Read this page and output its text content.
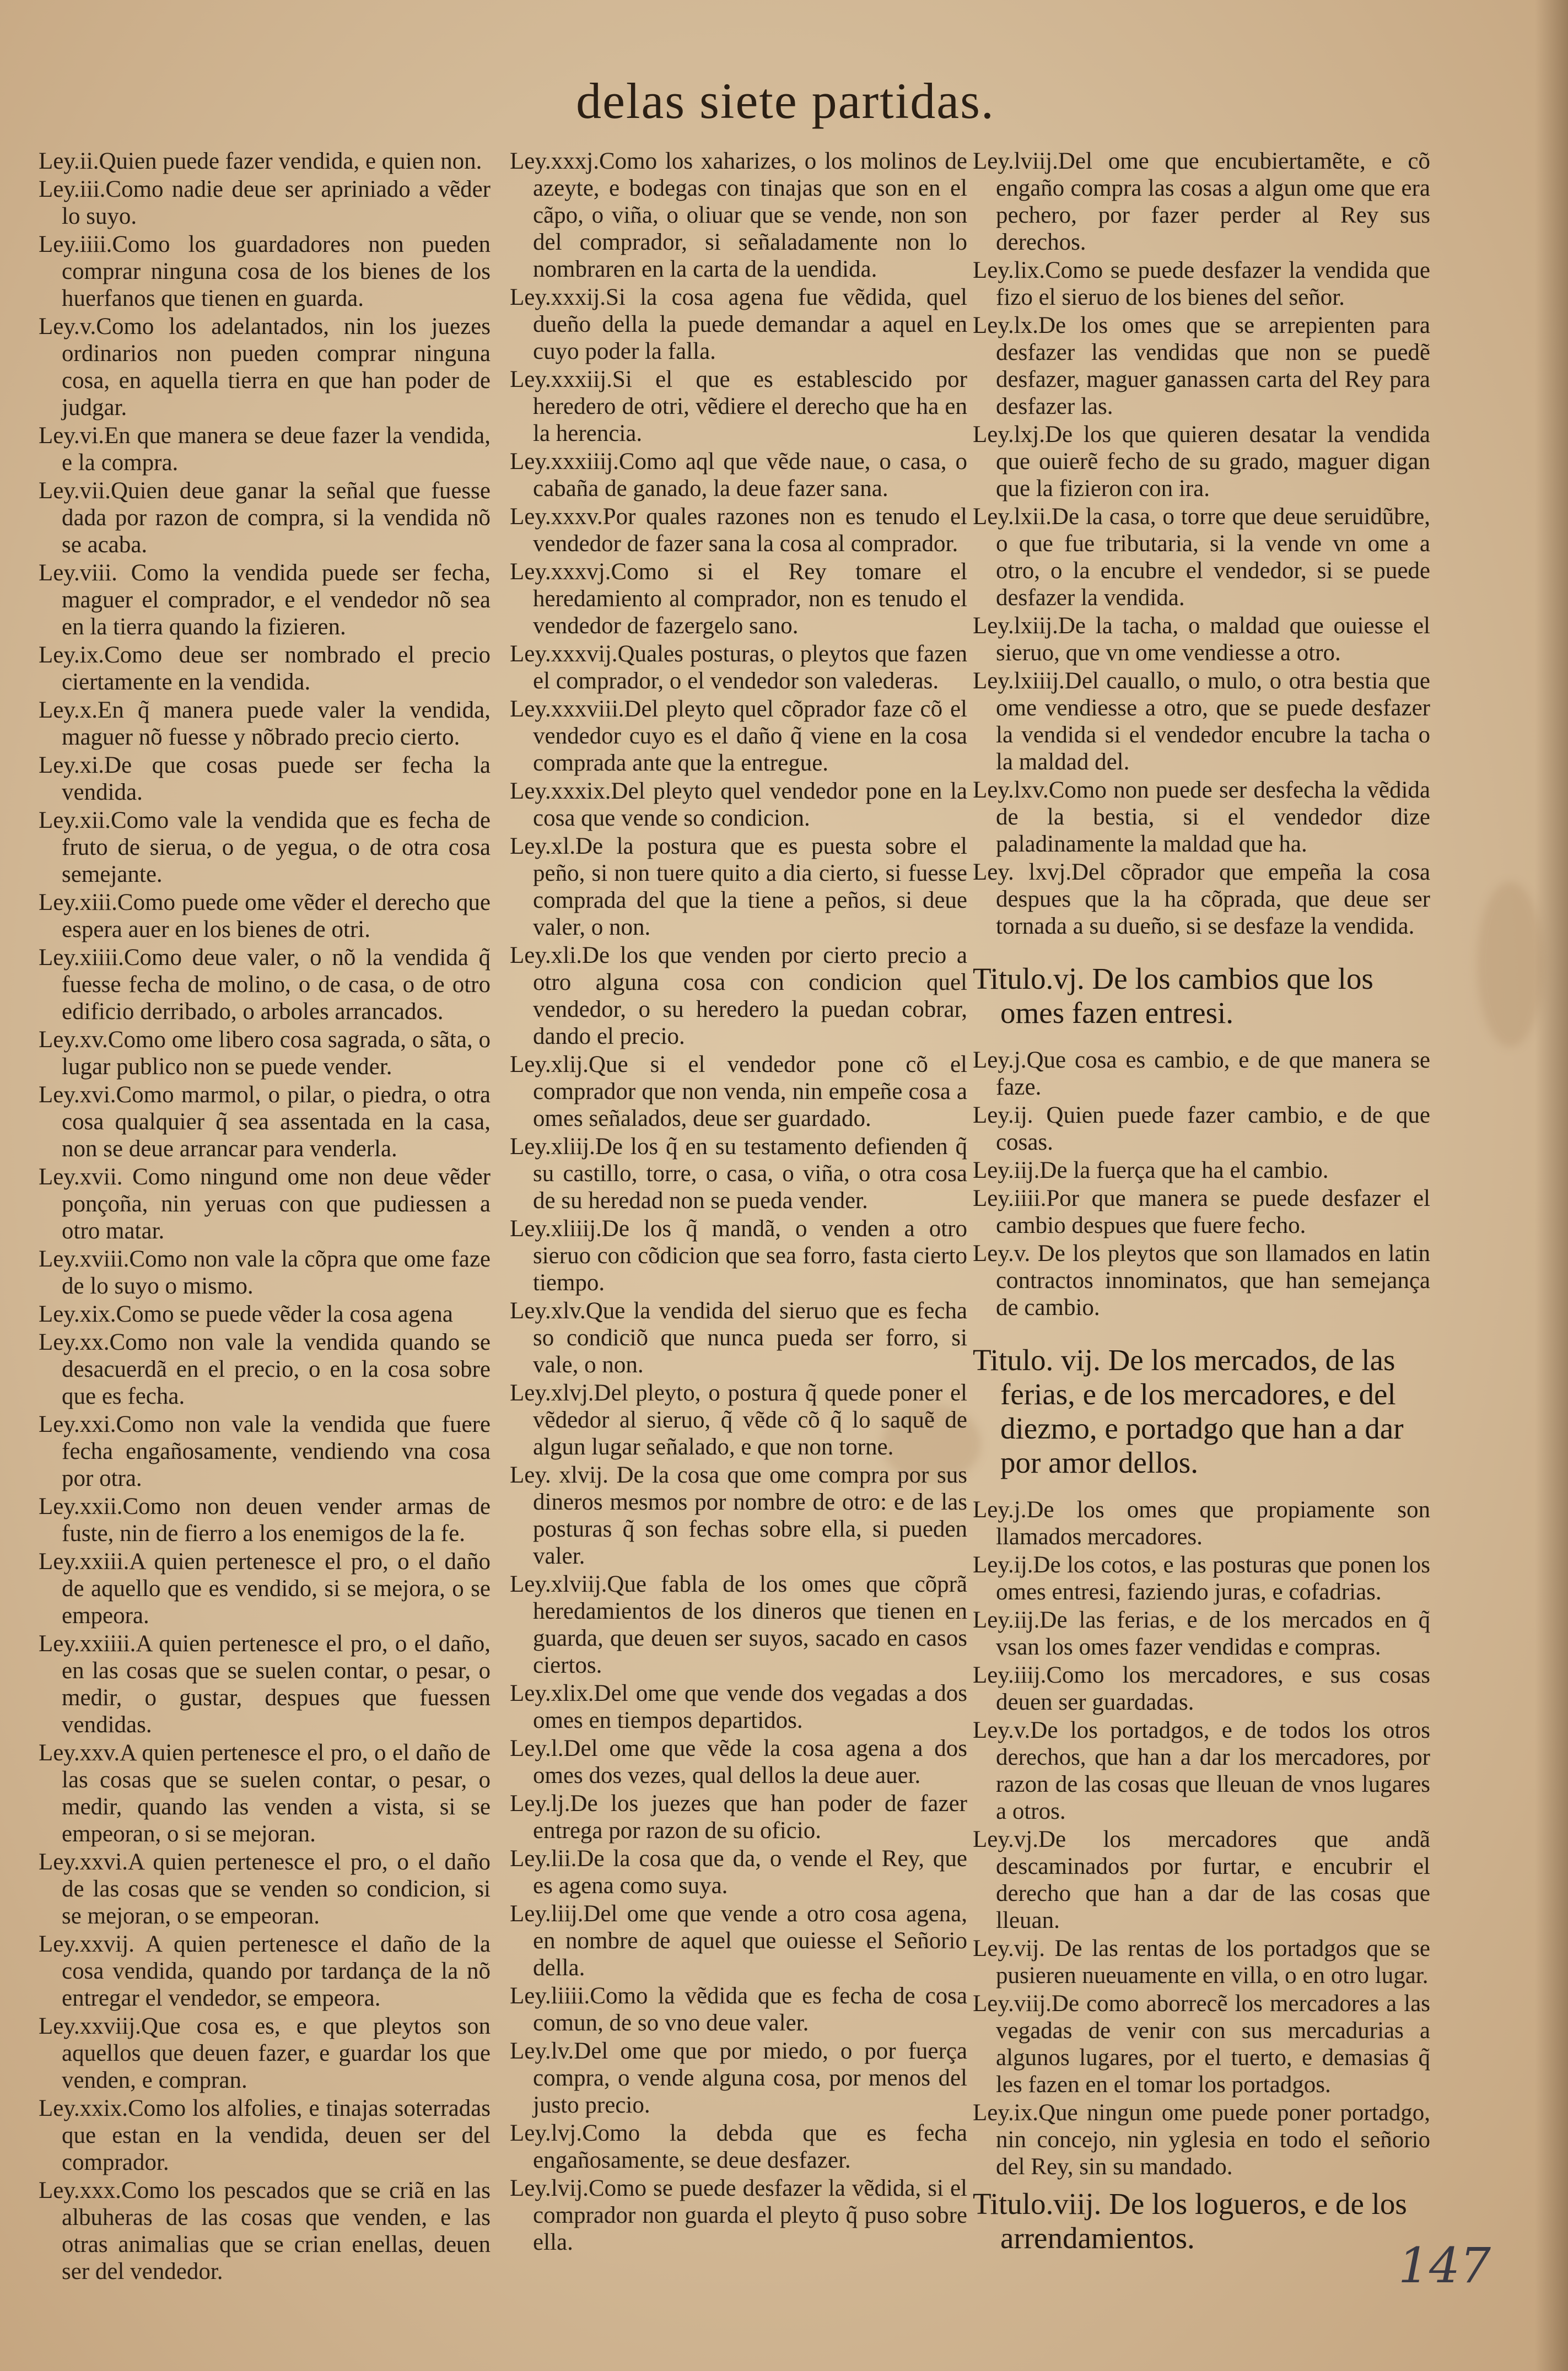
delas siete partidas.

Ley.ii.Quien puede fazer vendida, e quien non.

Ley.iii.Como nadie deue ser apriniado a vẽder lo suyo.

Ley.iiii.Como los guardadores non pueden comprar ninguna cosa de los bienes de los huerfanos que tienen en guarda.

Ley.v.Como los adelantados, nin los juezes ordinarios non pueden comprar ninguna cosa, en aquella tierra en que han poder de judgar.

Ley.vi.En que manera se deue fazer la vendida, e la compra.

Ley.vii.Quien deue ganar la señal que fuesse dada por razon de compra, si la vendida nõ se acaba.

Ley.viii. Como la vendida puede ser fecha, maguer el comprador, e el vendedor nõ sea en la tierra quando la fizieren.

Ley.ix.Como deue ser nombrado el precio ciertamente en la vendida.

Ley.x.En q̃ manera puede valer la vendida, maguer nõ fuesse y nõbrado precio cierto.

Ley.xi.De que cosas puede ser fecha la vendida.

Ley.xii.Como vale la vendida que es fecha de fruto de sierua, o de yegua, o de otra cosa semejante.

Ley.xiii.Como puede ome vẽder el derecho que espera auer en los bienes de otri.

Ley.xiiii.Como deue valer, o nõ la vendida q̃ fuesse fecha de molino, o de casa, o de otro edificio derribado, o arboles arrancados.

Ley.xv.Como ome libero cosa sagrada, o sãta, o lugar publico non se puede vender.

Ley.xvi.Como marmol, o pilar, o piedra, o otra cosa qualquier q̃ sea assentada en la casa, non se deue arrancar para venderla.

Ley.xvii. Como ningund ome non deue vẽder ponçoña, nin yeruas con que pudiessen a otro matar.

Ley.xviii.Como non vale la cõpra que ome faze de lo suyo o mismo.

Ley.xix.Como se puede vẽder la cosa agena

Ley.xx.Como non vale la vendida quando se desacuerdã en el precio, o en la cosa sobre que es fecha.

Ley.xxi.Como non vale la vendida que fuere fecha engañosamente, vendiendo vna cosa por otra.

Ley.xxii.Como non deuen vender armas de fuste, nin de fierro a los enemigos de la fe.

Ley.xxiii.A quien pertenesce el pro, o el daño de aquello que es vendido, si se mejora, o se empeora.

Ley.xxiiii.A quien pertenesce el pro, o el daño, en las cosas que se suelen contar, o pesar, o medir, o gustar, despues que fuessen vendidas.

Ley.xxv.A quien pertenesce el pro, o el daño de las cosas que se suelen contar, o pesar, o medir, quando las venden a vista, si se empeoran, o si se mejoran.

Ley.xxvi.A quien pertenesce el pro, o el daño de las cosas que se venden so condicion, si se mejoran, o se empeoran.

Ley.xxvij. A quien pertenesce el daño de la cosa vendida, quando por tardança de la nõ entregar el vendedor, se empeora.

Ley.xxviij.Que cosa es, e que pleytos son aquellos que deuen fazer, e guardar los que venden, e compran.

Ley.xxix.Como los alfolies, e tinajas soterradas que estan en la vendida, deuen ser del comprador.

Ley.xxx.Como los pescados que se criã en las albuheras de las cosas que venden, e las otras animalias que se crian enellas, deuen ser del vendedor.

Ley.xxxj.Como los xaharizes, o los molinos de azeyte, e bodegas con tinajas que son en el cãpo, o viña, o oliuar que se vende, non son del comprador, si señaladamente non lo nombraren en la carta de la uendida.

Ley.xxxij.Si la cosa agena fue vẽdida, quel dueño della la puede demandar a aquel en cuyo poder la falla.

Ley.xxxiij.Si el que es establescido por heredero de otri, vẽdiere el derecho que ha en la herencia.

Ley.xxxiiij.Como aql que vẽde naue, o casa, o cabaña de ganado, la deue fazer sana.

Ley.xxxv.Por quales razones non es tenudo el vendedor de fazer sana la cosa al comprador.

Ley.xxxvj.Como si el Rey tomare el heredamiento al comprador, non es tenudo el vendedor de fazergelo sano.

Ley.xxxvij.Quales posturas, o pleytos que fazen el comprador, o el vendedor son valederas.

Ley.xxxviii.Del pleyto quel cõprador faze cõ el vendedor cuyo es el daño q̃ viene en la cosa comprada ante que la entregue.

Ley.xxxix.Del pleyto quel vendedor pone en la cosa que vende so condicion.

Ley.xl.De la postura que es puesta sobre el peño, si non tuere quito a dia cierto, si fuesse comprada del que la tiene a peños, si deue valer, o non.

Ley.xli.De los que venden por cierto precio a otro alguna cosa con condicion quel vendedor, o su heredero la puedan cobrar, dando el precio.

Ley.xlij.Que si el vendedor pone cõ el comprador que non venda, nin empeñe cosa a omes señalados, deue ser guardado.

Ley.xliij.De los q̃ en su testamento defienden q̃ su castillo, torre, o casa, o viña, o otra cosa de su heredad non se pueda vender.

Ley.xliiij.De los q̃ mandã, o venden a otro sieruo con cõdicion que sea forro, fasta cierto tiempo.

Ley.xlv.Que la vendida del sieruo que es fecha so condiciõ que nunca pueda ser forro, si vale, o non.

Ley.xlvj.Del pleyto, o postura q̃ quede poner el vẽdedor al sieruo, q̃ vẽde cõ q̃ lo saquẽ de algun lugar señalado, e que non torne.

Ley. xlvij. De la cosa que ome compra por sus dineros mesmos por nombre de otro: e de las posturas q̃ son fechas sobre ella, si pueden valer.

Ley.xlviij.Que fabla de los omes que cõprã heredamientos de los dineros que tienen en guarda, que deuen ser suyos, sacado en casos ciertos.

Ley.xlix.Del ome que vende dos vegadas a dos omes en tiempos departidos.

Ley.l.Del ome que vẽde la cosa agena a dos omes dos vezes, qual dellos la deue auer.

Ley.lj.De los juezes que han poder de fazer entrega por razon de su oficio.

Ley.lii.De la cosa que da, o vende el Rey, que es agena como suya.

Ley.liij.Del ome que vende a otro cosa agena, en nombre de aquel que ouiesse el Señorio della.

Ley.liiii.Como la vẽdida que es fecha de cosa comun, de so vno deue valer.

Ley.lv.Del ome que por miedo, o por fuerça compra, o vende alguna cosa, por menos del justo precio.

Ley.lvj.Como la debda que es fecha engañosamente, se deue desfazer.

Ley.lvij.Como se puede desfazer la vẽdida, si el comprador non guarda el pleyto q̃ puso sobre ella.

Ley.lviij.Del ome que encubiertamẽte, e cõ engaño compra las cosas a algun ome que era pechero, por fazer perder al Rey sus derechos.

Ley.lix.Como se puede desfazer la vendida que fizo el sieruo de los bienes del señor.

Ley.lx.De los omes que se arrepienten para desfazer las vendidas que non se puedẽ desfazer, maguer ganassen carta del Rey para desfazer las.

Ley.lxj.De los que quieren desatar la vendida que ouierẽ fecho de su grado, maguer digan que la fizieron con ira.

Ley.lxii.De la casa, o torre que deue seruidũbre, o que fue tributaria, si la vende vn ome a otro, o la encubre el vendedor, si se puede desfazer la vendida.

Ley.lxiij.De la tacha, o maldad que ouiesse el sieruo, que vn ome vendiesse a otro.

Ley.lxiiij.Del cauallo, o mulo, o otra bestia que ome vendiesse a otro, que se puede desfazer la vendida si el vendedor encubre la tacha o la maldad del.

Ley.lxv.Como non puede ser desfecha la vẽdida de la bestia, si el vendedor dize paladinamente la maldad que ha.

Ley. lxvj.Del cõprador que empeña la cosa despues que la ha cõprada, que deue ser tornada a su dueño, si se desfaze la vendida.

Titulo.vj. De los cambios que los omes fazen entresi.

Ley.j.Que cosa es cambio, e de que manera se faze.

Ley.ij. Quien puede fazer cambio, e de que cosas.

Ley.iij.De la fuerça que ha el cambio.

Ley.iiii.Por que manera se puede desfazer el cambio despues que fuere fecho.

Ley.v. De los pleytos que son llamados en latin contractos innominatos, que han semejança de cambio.

Titulo. vij. De los mercados, de las ferias, e de los mercadores, e del diezmo, e portadgo que han a dar por amor dellos.

Ley.j.De los omes que propiamente son llamados mercadores.

Ley.ij.De los cotos, e las posturas que ponen los omes entresi, faziendo juras, e cofadrias.

Ley.iij.De las ferias, e de los mercados en q̃ vsan los omes fazer vendidas e compras.

Ley.iiij.Como los mercadores, e sus cosas deuen ser guardadas.

Ley.v.De los portadgos, e de todos los otros derechos, que han a dar los mercadores, por razon de las cosas que lleuan de vnos lugares a otros.

Ley.vj.De los mercadores que andã descaminados por furtar, e encubrir el derecho que han a dar de las cosas que lleuan.

Ley.vij. De las rentas de los portadgos que se pusieren nueuamente en villa, o en otro lugar.

Ley.viij.De como aborrecẽ los mercadores a las vegadas de venir con sus mercadurias a algunos lugares, por el tuerto, e demasias q̃ les fazen en el tomar los portadgos.

Ley.ix.Que ningun ome puede poner portadgo, nin concejo, nin yglesia en todo el señorio del Rey, sin su mandado.

Titulo.viij. De los logueros, e de los arrendamientos.	147
